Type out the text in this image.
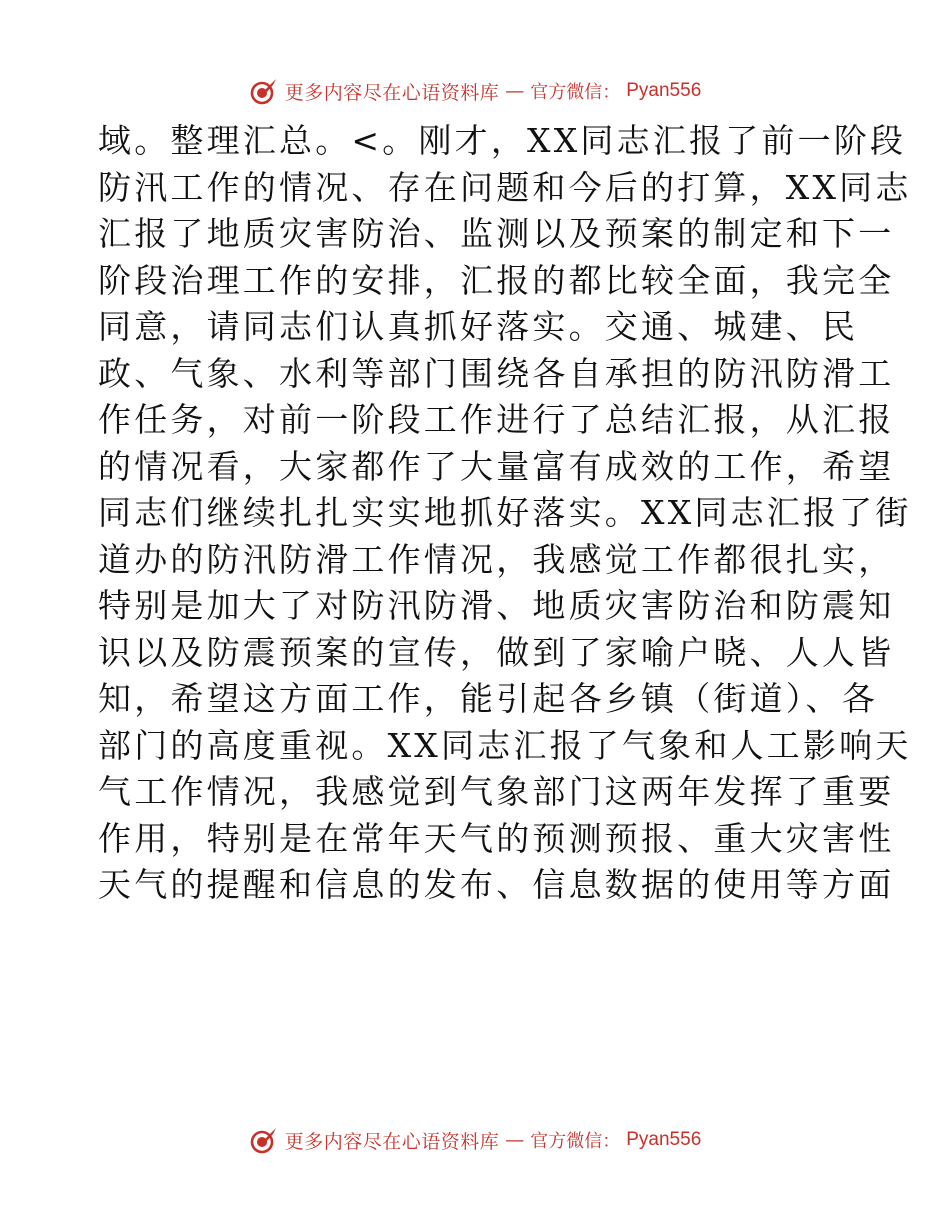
更多内容尽在心语资料库 — 官方微信： Pyan556
域。整理汇总。<。刚才，XX同志汇报了前一阶段
防汛工作的情况、存在问题和今后的打算，XX同志
汇报了地质灾害防治、监测以及预案的制定和下一
阶段治理工作的安排，汇报的都比较全面，我完全
同意，请同志们认真抓好落实。交通、城建、民
政、气象、水利等部门围绕各自承担的防汛防滑工
作任务，对前一阶段工作进行了总结汇报，从汇报
的情况看，大家都作了大量富有成效的工作，希望
同志们继续扎扎实实地抓好落实。XX同志汇报了街
道办的防汛防滑工作情况，我感觉工作都很扎实，
特别是加大了对防汛防滑、地质灾害防治和防震知
识以及防震预案的宣传，做到了家喻户晓、人人皆
知，希望这方面工作，能引起各乡镇（街道）、各
部门的高度重视。XX同志汇报了气象和人工影响天
气工作情况，我感觉到气象部门这两年发挥了重要
作用，特别是在常年天气的预测预报、重大灾害性
天气的提醒和信息的发布、信息数据的使用等方面
更多内容尽在心语资料库 — 官方微信： Pyan556
